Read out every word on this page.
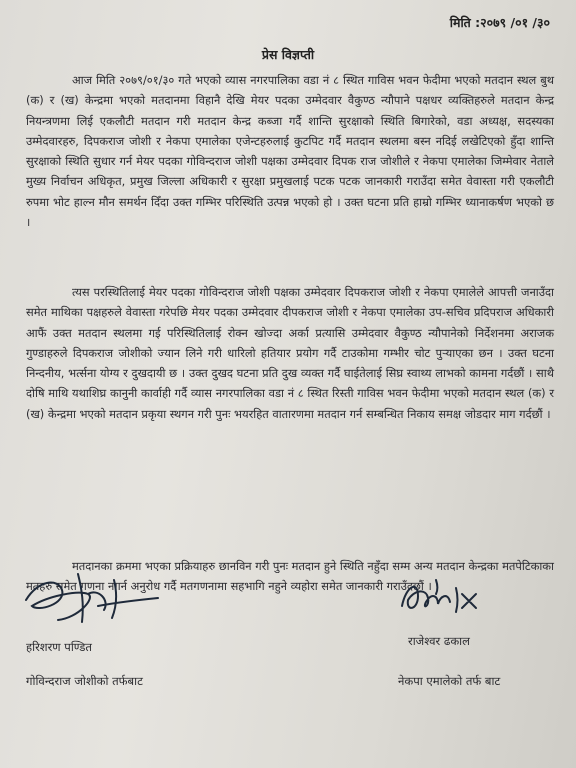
मिति :२०७९ /०१ /३०
प्रेस विज्ञप्ती

आज मिति २०७९/०१/३० गते भएको व्यास नगरपालिका वडा नं ८ स्थित गाविस भवन फेदीमा भएको मतदान स्थल बुथ (क) र (ख) केन्द्रमा भएको मतदानमा विहानै देखि मेयर पदका उम्मेदवार वैकुण्ठ न्यौपाने पक्षधर व्यक्तिहरुले मतदान केन्द्र नियन्त्रणमा लिई एकलौटी मतदान गरी मतदान केन्द्र कब्जा गर्दै शान्ति सुरक्षाको स्थिति बिगारेको, वडा अध्यक्ष, सदस्यका उम्मेदवारहरु, दिपकराज जोशी र नेकपा एमालेका एजेन्टहरुलाई कुटपिट गर्दै मतदान स्थलमा बस्न नदिई लखेटिएको हुँदा शान्ति सुरक्षाको स्थिति सुधार गर्न मेयर पदका गोविन्दराज जोशी पक्षका उम्मेदवार दिपक राज जोशीले र नेकपा एमालेका जिम्मेवार नेताले मुख्य निर्वाचन अधिकृत, प्रमुख जिल्ला अधिकारी र सुरक्षा प्रमुखलाई पटक पटक जानकारी गराउँदा समेत वेवास्ता गरी एकलौटी रुपमा भोट हाल्न मौन समर्थन दिँदा उक्त गम्भिर परिस्थिति उत्पन्न भएको हो । उक्त घटना प्रति हाम्रो गम्भिर ध्यानाकर्षण भएको छ ।

त्यस परस्थितिलाई मेयर पदका गोविन्दराज जोशी पक्षका उम्मेदवार दिपकराज जोशी र नेकपा एमालेले आपत्ती जनाउँदा समेत माथिका पक्षहरुले वेवास्ता गरेपछि मेयर पदका उम्मेदवार दीपकराज जोशी र नेकपा एमालेका उप-सचिव प्रदिपराज अधिकारी आफैं उक्त मतदान स्थलमा गई परिस्थितिलाई रोक्न खोज्दा अर्का प्रत्यासि उम्मेदवार वैकुण्ठ न्यौपानेको निर्देशनमा अराजक गुण्डाहरुले दिपकराज जोशीको ज्यान लिने गरी धारिलो हतियार प्रयोग गर्दै टाउकोमा गम्भीर चोट पुऱ्याएका छन । उक्त घटना निन्दनीय, भर्त्सना योग्य र दुखदायी छ । उक्त दुखद घटना प्रति दुख व्यक्त गर्दै घाईतेलाई सिघ्र स्वाथ्य लाभको कामना गर्दछौं । साथै दोषि माथि यथाशिघ्र कानुनी कार्वाही गर्दै व्यास नगरपालिका वडा नं ८ स्थित रिस्ती गाविस भवन फेदीमा भएको मतदान स्थल (क) र (ख) केन्द्रमा भएको मतदान प्रकृया स्थगन गरी पुनः भयरहित वातारणमा मतदान गर्न सम्बन्धित निकाय समक्ष जोडदार माग गर्दछौं ।

मतदानका क्रममा भएका प्रक्रियाहरु छानविन गरी पुनः मतदान हुने स्थिति नहुँदा सम्म अन्य मतदान केन्द्रका मतपेटिकाका मतहरु समेत गणना नगर्न अनुरोध गर्दै मतगणनामा सहभागि नहुने व्यहोरा समेत जानकारी गराउँदछौं ।

हरिशरण पण्डित
गोविन्दराज जोशीको तर्फबाट
राजेश्वर ढकाल
नेकपा एमालेको तर्फ बाट
